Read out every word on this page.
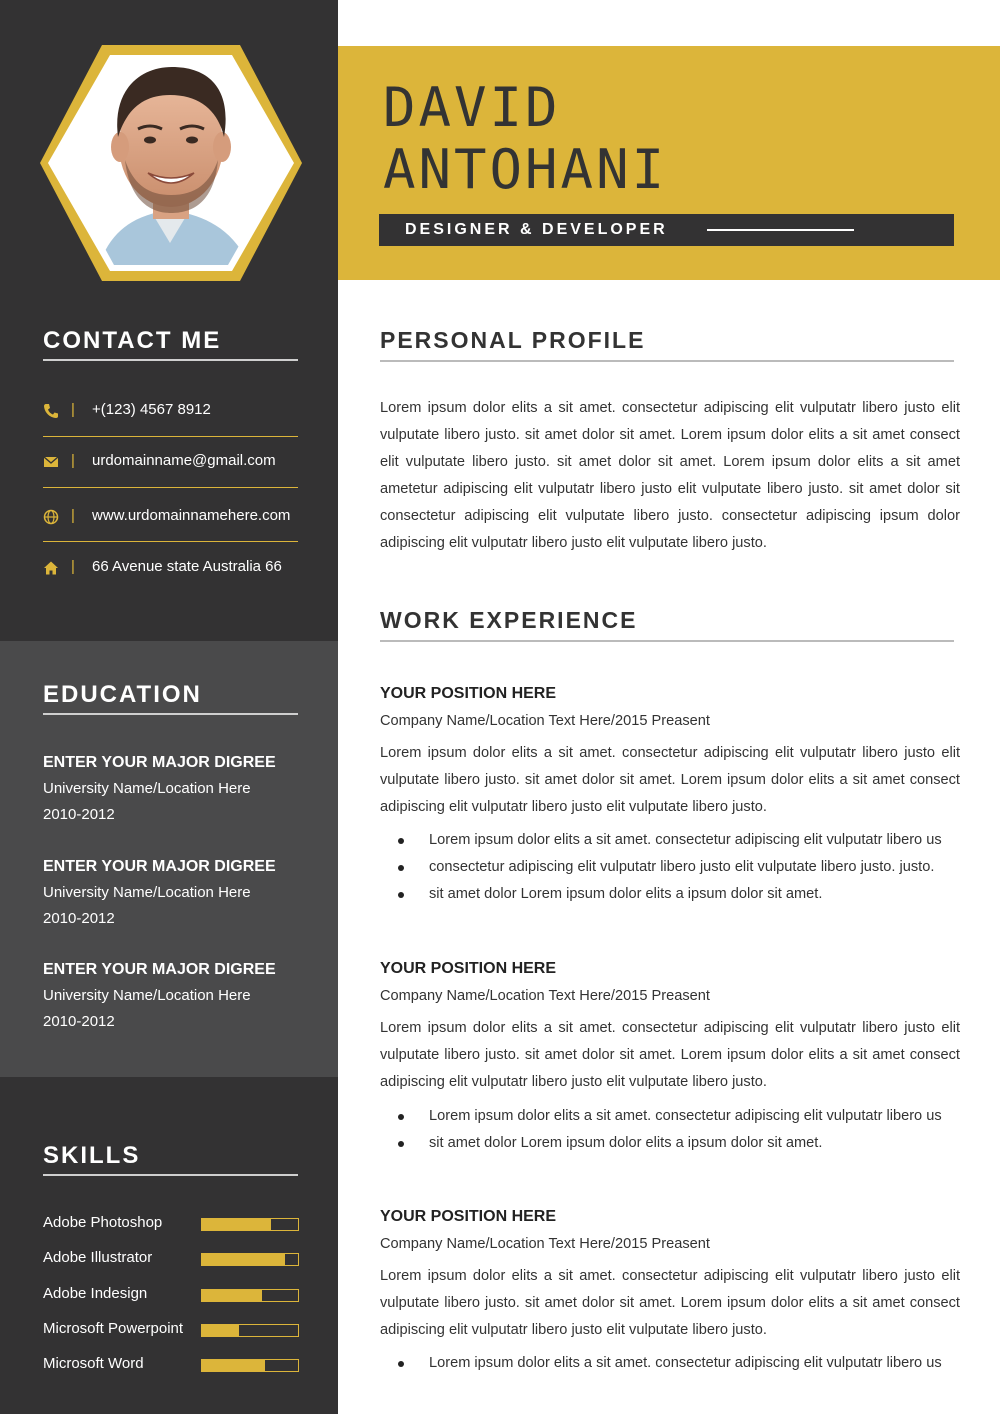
DAVID
ANTOHANI
DESIGNER & DEVELOPER
CONTACT ME
| +(123) 4567 8912
| urdomainname@gmail.com
| www.urdomainnamehere.com
| 66 Avenue state Australia 66
EDUCATION
ENTER YOUR MAJOR DIGREE
University Name/Location Here
2010-2012
ENTER YOUR MAJOR DIGREE
University Name/Location Here
2010-2012
ENTER YOUR MAJOR DIGREE
University Name/Location Here
2010-2012
SKILLS
Adobe Photoshop
Adobe Illustrator
Adobe Indesign
Microsoft Powerpoint
Microsoft Word
PERSONAL PROFILE

Lorem ipsum dolor elits a sit amet. consectetur adipiscing elit vulputatr libero justo elit vulputate libero justo. sit amet dolor sit amet. Lorem ipsum dolor elits a sit amet consect elit vulputate libero justo. sit amet dolor sit amet. Lorem ipsum dolor elits a sit amet ametetur adipiscing elit vulputatr libero justo elit vulputate libero justo. sit amet dolor sit consectetur adipiscing elit vulputate libero justo. consectetur adipiscing ipsum dolor adipiscing elit vulputatr libero justo elit vulputate libero justo.

WORK EXPERIENCE
YOUR POSITION HERE
Company Name/Location Text Here/2015 Preasent

Lorem ipsum dolor elits a sit amet. consectetur adipiscing elit vulputatr libero justo elit vulputate libero justo. sit amet dolor sit amet. Lorem ipsum dolor elits a sit amet consect adipiscing elit vulputatr libero justo elit vulputate libero justo.

Lorem ipsum dolor elits a sit amet. consectetur adipiscing elit vulputatr libero us
consectetur adipiscing elit vulputatr libero justo elit vulputate libero justo. justo.
sit amet dolor Lorem ipsum dolor elits a ipsum dolor sit amet.
YOUR POSITION HERE
Company Name/Location Text Here/2015 Preasent

Lorem ipsum dolor elits a sit amet. consectetur adipiscing elit vulputatr libero justo elit vulputate libero justo. sit amet dolor sit amet. Lorem ipsum dolor elits a sit amet consect adipiscing elit vulputatr libero justo elit vulputate libero justo.

Lorem ipsum dolor elits a sit amet. consectetur adipiscing elit vulputatr libero us
sit amet dolor Lorem ipsum dolor elits a ipsum dolor sit amet.
YOUR POSITION HERE
Company Name/Location Text Here/2015 Preasent

Lorem ipsum dolor elits a sit amet. consectetur adipiscing elit vulputatr libero justo elit vulputate libero justo. sit amet dolor sit amet. Lorem ipsum dolor elits a sit amet consect adipiscing elit vulputatr libero justo elit vulputate libero justo.

Lorem ipsum dolor elits a sit amet. consectetur adipiscing elit vulputatr libero us
